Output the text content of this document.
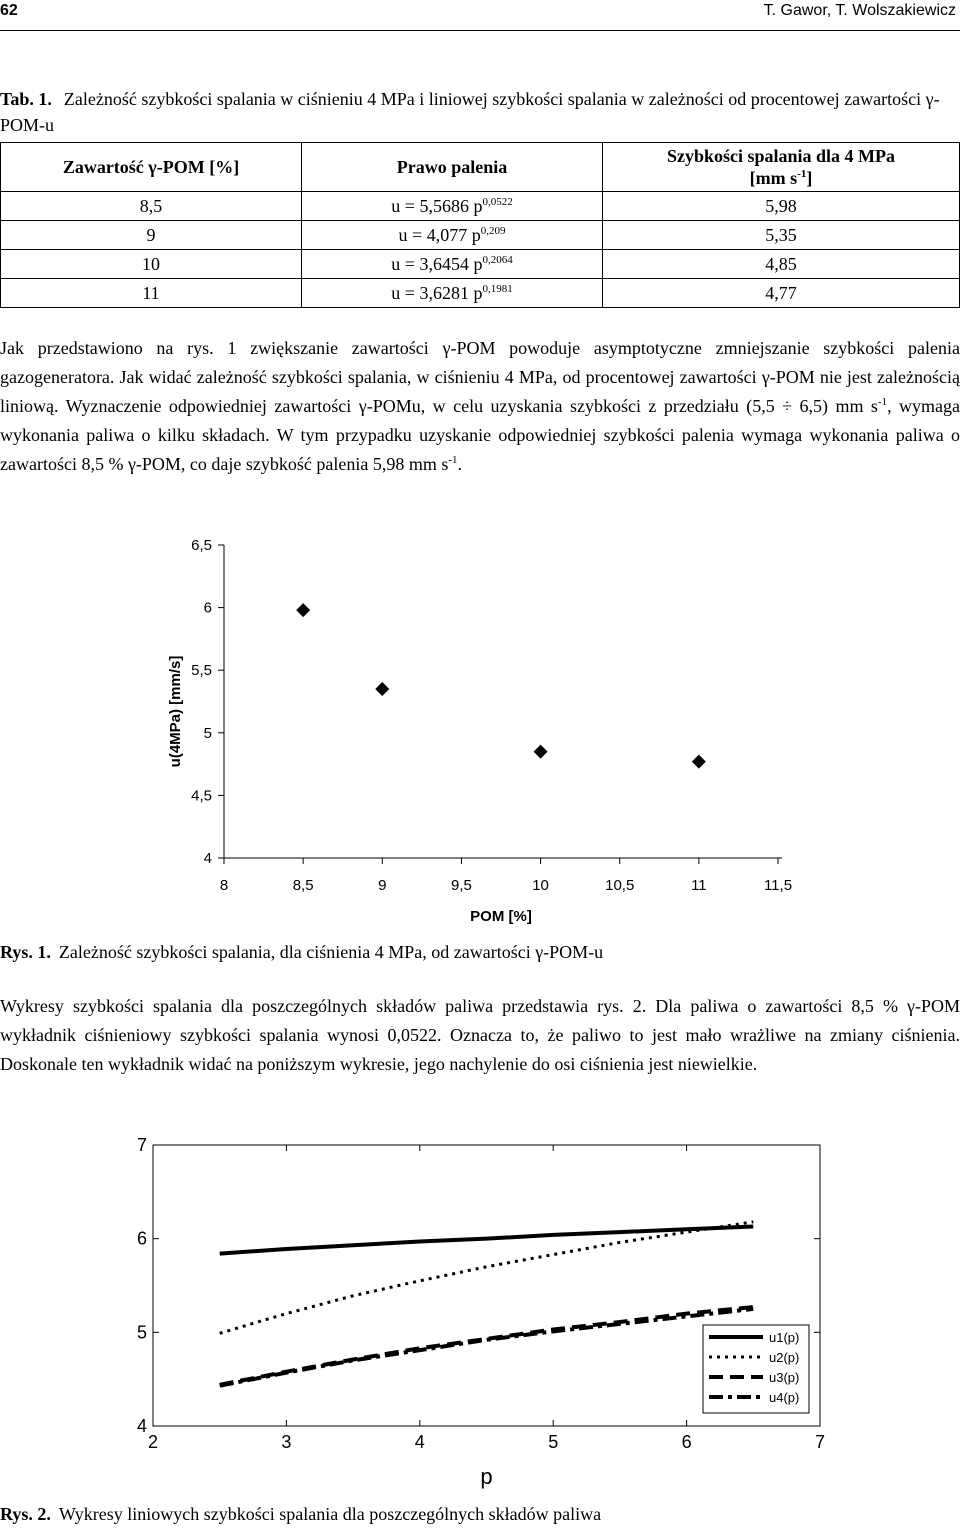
62	T. Gawor, T. Wolszakiewicz
Tab. 1. Zależność szybkości spalania w ciśnieniu 4 MPa i liniowej szybkości spalania w zależności od procentowej zawartości γ-POM-u
Zawartość γ-POM [%]	Prawo palenia	Szybkości spalania dla 4 MPa
[mm $s^{-1}$]
8,5	u = 5,5686 $p^{0,0522}$	5,98
9	u = 4,077 $p^{0,209}$	5,35
10	u = 3,6454 $p^{0,2064}$	4,85
11	u = 3,6281 $p^{0,1981}$	4,77
Jak przedstawiono na rys. 1 zwiększanie zawartości γ-POM powoduje asymptotyczne zmniejszanie szybkości palenia gazogeneratora. Jak widać zależność szybkości spalania, w ciśnieniu 4 MPa, od procentowej zawartości γ-POM nie jest zależnością liniową. Wyznaczenie odpowiedniej zawartości γ-POMu, w celu uzyskania szybkości z przedziału (5,5 ÷ 6,5) mm $s^{-1}$, wymaga wykonania paliwa o kilku składach. W tym przypadku uzyskanie odpowiedniej szybkości palenia wymaga wykonania paliwa o zawartości 8,5 % γ-POM, co daje szybkość palenia 5,98 mm $s^{-1}$.
4
4,5
5
5,5
6
6,5
8	8,5	9	9,5	10	10,5	11	11,5
POM [%]
u(4MPa) [mm/s]
Rys. 1. Zależność szybkości spalania, dla ciśnienia 4 MPa, od zawartości γ-POM-u
Wykresy szybkości spalania dla poszczególnych składów paliwa przedstawia rys. 2. Dla paliwa o zawartości 8,5 % γ-POM wykładnik ciśnieniowy szybkości spalania wynosi 0,0522. Oznacza to, że paliwo to jest mało wrażliwe na zmiany ciśnienia. Doskonale ten wykładnik widać na poniższym wykresie, jego nachylenie do osi ciśnienia jest niewielkie.
4
5
6
7
2	3	4	5	6	7
p
u1(p)
u2(p)
u3(p)
u4(p)
Rys. 2. Wykresy liniowych szybkości spalania dla poszczególnych składów paliwa
